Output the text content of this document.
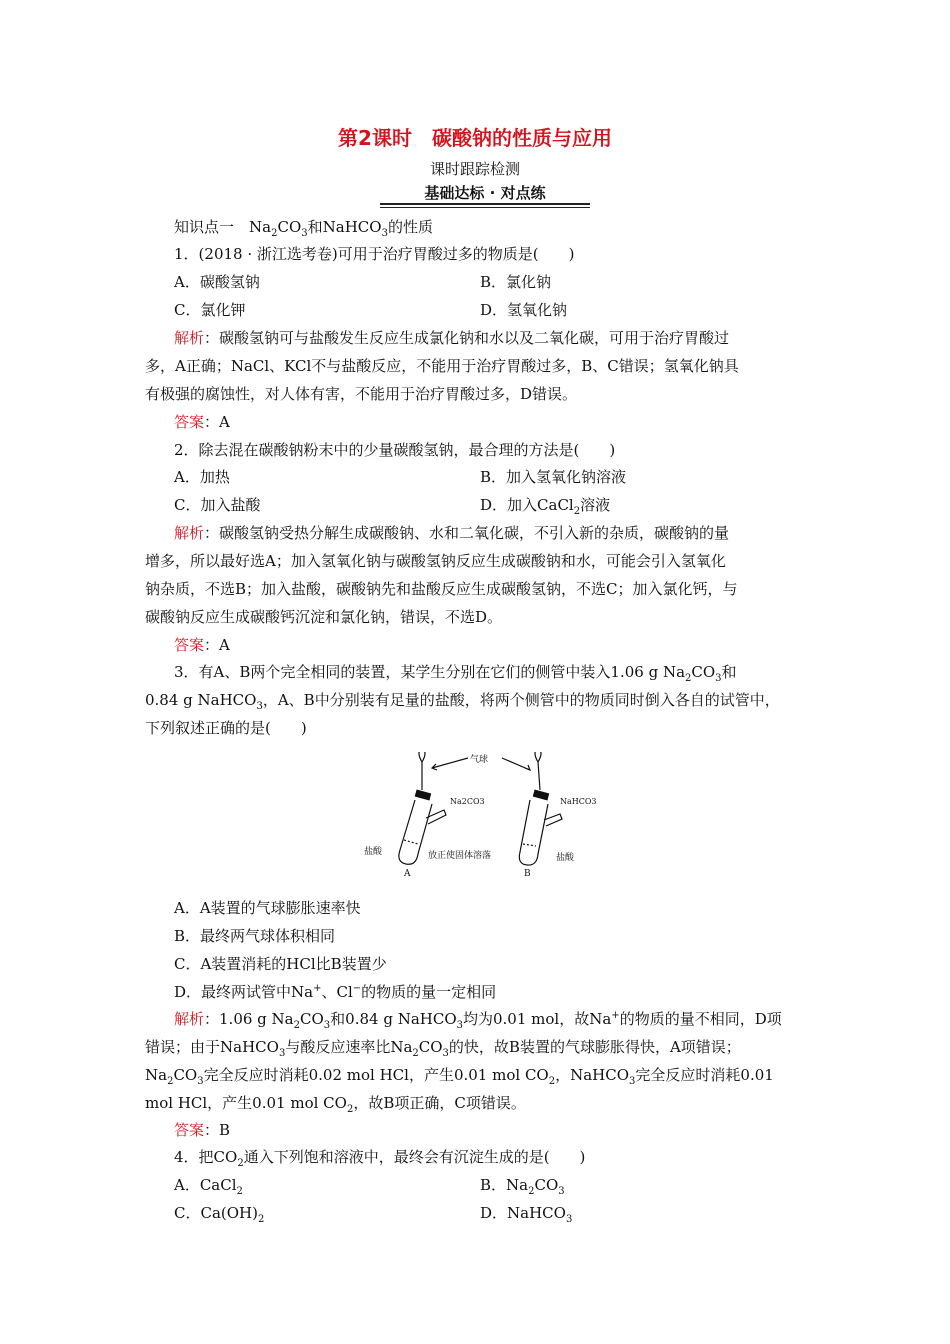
第2课时　碳酸钠的性质与应用
课时跟踪检测
基础达标 · 对点练
知识点一　$Na_2CO_3$和NaHCO$_3$的性质
1．(2018 · 浙江选考卷)可用于治疗胃酸过多的物质是(　　)
A．碳酸氢钠	B．氯化钠
C．氯化钾	D．氢氧化钠
解析：碳酸氢钠可与盐酸发生反应生成氯化钠和水以及二氧化碳，可用于治疗胃酸过
多，A正确；NaCl、KCl不与盐酸反应，不能用于治疗胃酸过多，B、C错误；氢氧化钠具
有极强的腐蚀性，对人体有害，不能用于治疗胃酸过多，D错误。
答案：A
2．除去混在碳酸钠粉末中的少量碳酸氢钠，最合理的方法是(　　)
A．加热	B．加入氢氧化钠溶液
C．加入盐酸	D．加入CaCl$_2$溶液
解析：碳酸氢钠受热分解生成碳酸钠、水和二氧化碳，不引入新的杂质，碳酸钠的量
增多，所以最好选A；加入氢氧化钠与碳酸氢钠反应生成碳酸钠和水，可能会引入氢氧化
钠杂质，不选B；加入盐酸，碳酸钠先和盐酸反应生成碳酸氢钠，不选C；加入氯化钙，与
碳酸钠反应生成碳酸钙沉淀和氯化钠，错误，不选D。
答案：A
3．有A、B两个完全相同的装置，某学生分别在它们的侧管中装入1.06 g $Na_2CO_3$和
0.84 g NaHCO$_3$，A、B中分别装有足量的盐酸，将两个侧管中的物质同时倒入各自的试管中，
下列叙述正确的是(　　)
气球
Na2CO3	NaHCO3
盐酸
盐酸
放正使固体溶落
A	B
A．A装置的气球膨胀速率快
B．最终两气球体积相同
C．A装置消耗的HCl比B装置少
D．最终两试管中Na+、Cl−的物质的量一定相同
解析：1.06 g $Na_2CO_3$和0.84 g NaHCO$_3$均为0.01 mol，故Na+的物质的量不相同，D项
错误；由于NaHCO$_3$与酸反应速率比$Na_2CO_3$的快，故B装置的气球膨胀得快，A项错误；
$Na_2CO_3$完全反应时消耗0.02 mol HCl，产生0.01 mol $CO_2$，NaHCO$_3$完全反应时消耗0.01
mol HCl，产生0.01 mol $CO_2$，故B项正确，C项错误。
答案：B
4．把$CO_2$通入下列饱和溶液中，最终会有沉淀生成的是(　　)
A．CaCl$_2$	B．$Na_2CO_3$
C．$Ca(OH)_2$	D．NaHCO$_3$
